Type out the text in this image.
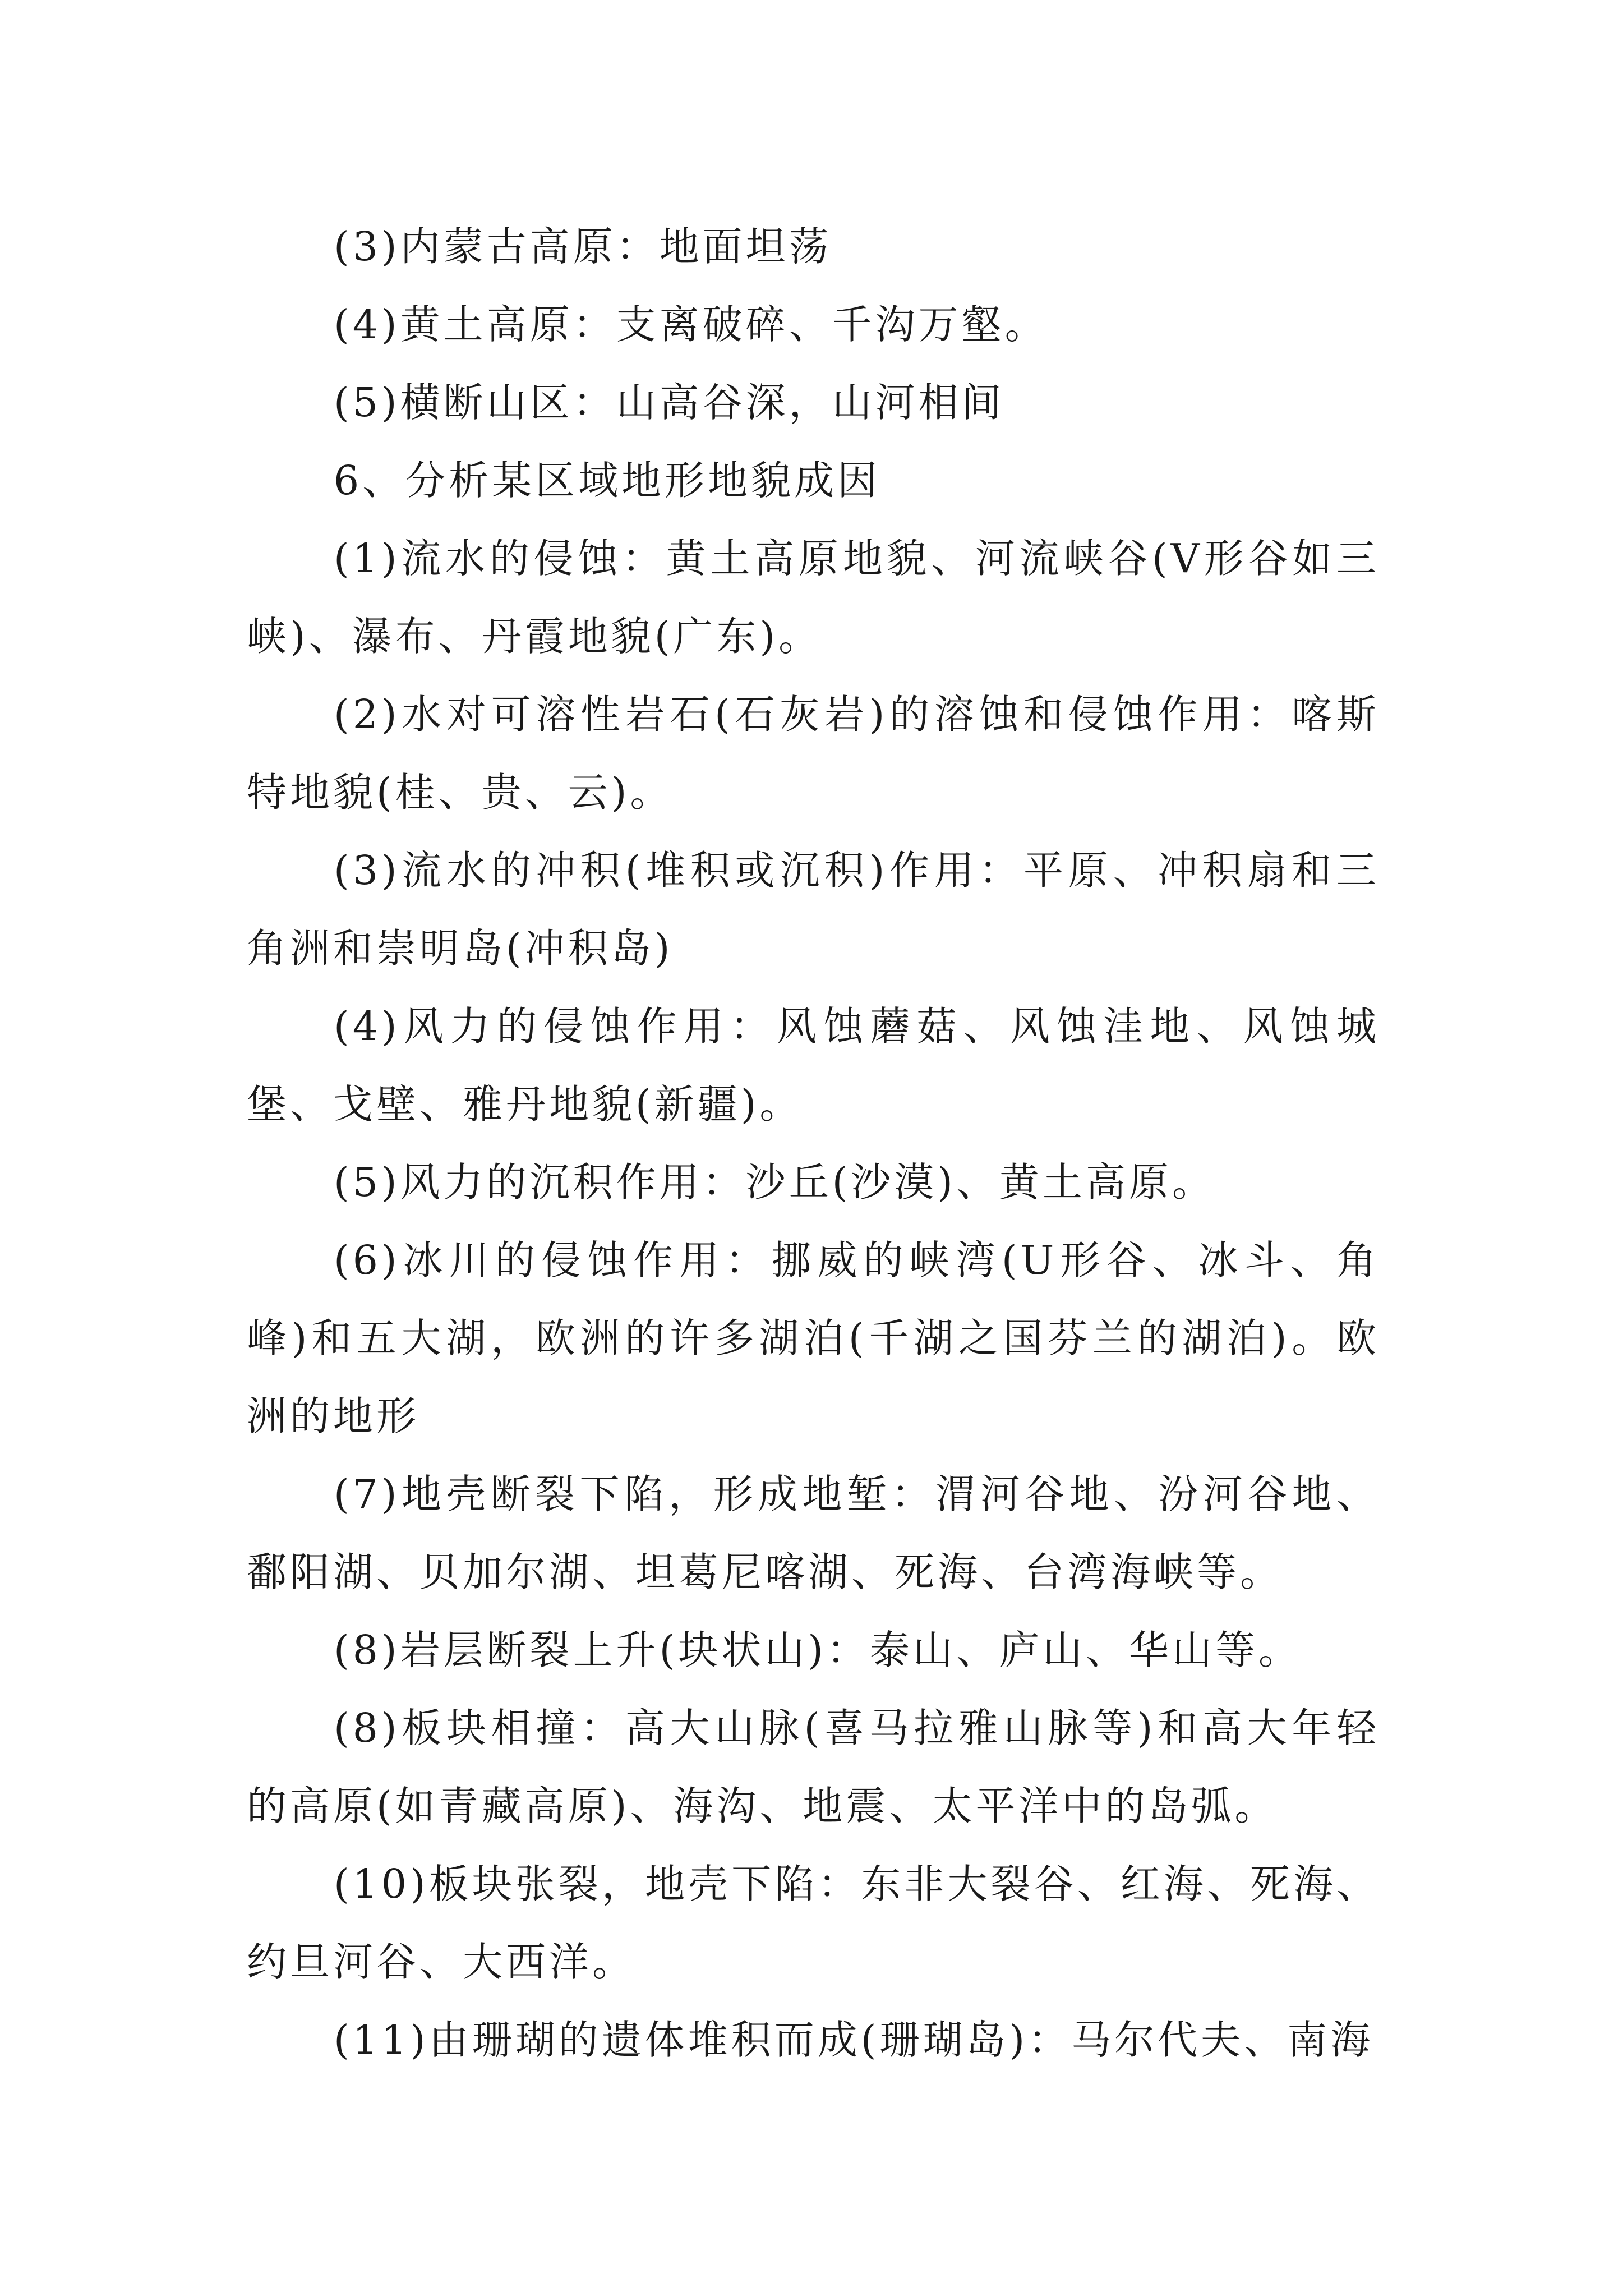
(3)内蒙古高原：地面坦荡

(4)黄土高原：支离破碎、千沟万壑。

(5)横断山区：山高谷深，山河相间

6、分析某区域地形地貌成因

(1)流水的侵蚀：黄土高原地貌、河流峡谷(V形谷如三峡)、瀑布、丹霞地貌(广东)。

(2)水对可溶性岩石(石灰岩)的溶蚀和侵蚀作用：喀斯特地貌(桂、贵、云)。

(3)流水的冲积(堆积或沉积)作用：平原、冲积扇和三角洲和崇明岛(冲积岛)

(4)风力的侵蚀作用：风蚀蘑菇、风蚀洼地、风蚀城堡、戈壁、雅丹地貌(新疆)。

(5)风力的沉积作用：沙丘(沙漠)、黄土高原。

(6)冰川的侵蚀作用：挪威的峡湾(U形谷、冰斗、角峰)和五大湖，欧洲的许多湖泊(千湖之国芬兰的湖泊)。欧洲的地形

(7)地壳断裂下陷，形成地堑：渭河谷地、汾河谷地、鄱阳湖、贝加尔湖、坦葛尼喀湖、死海、台湾海峡等。

(8)岩层断裂上升(块状山)：泰山、庐山、华山等。

(8)板块相撞：高大山脉(喜马拉雅山脉等)和高大年轻的高原(如青藏高原)、海沟、地震、太平洋中的岛弧。

(10)板块张裂，地壳下陷：东非大裂谷、红海、死海、约旦河谷、大西洋。

(11)由珊瑚的遗体堆积而成(珊瑚岛)：马尔代夫、南海
